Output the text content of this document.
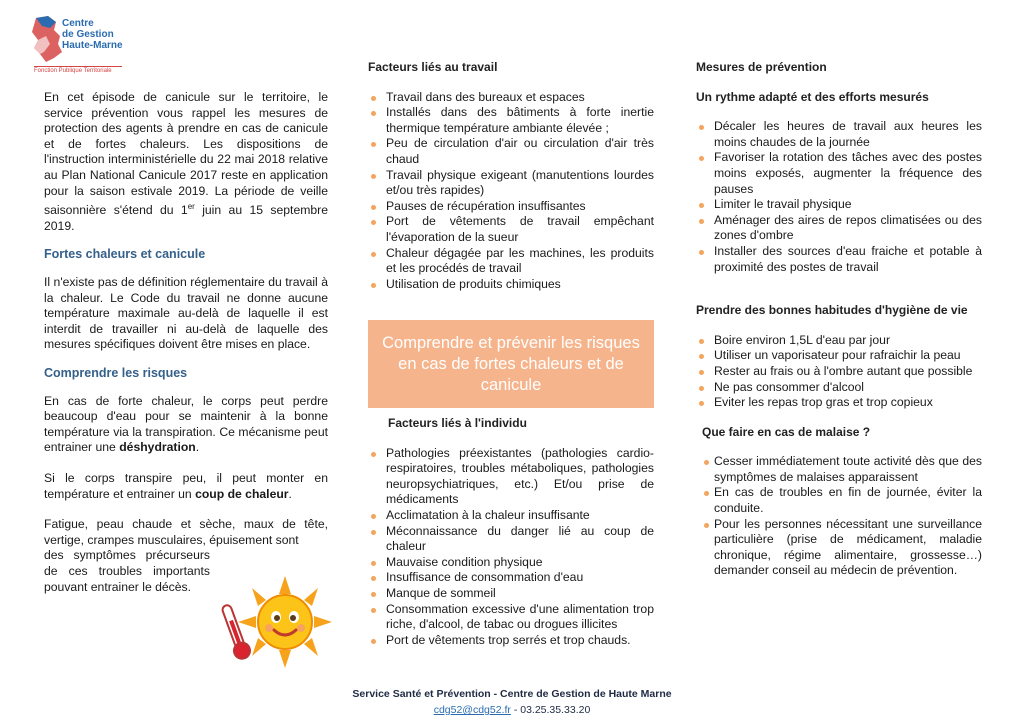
Centre
de Gestion
Haute-Marne
Fonction Publique Territoriale

En cet épisode de canicule sur le territoire, le service prévention vous rappel les mesures de protection des agents à prendre en cas de canicule et de fortes chaleurs. Les dispositions de l'instruction interministérielle du 22 mai 2018 relative au Plan National Canicule 2017 reste en application pour la saison estivale 2019. La période de veille saisonnière s'étend du 1er juin au 15 septembre 2019.

Fortes chaleurs et canicule

Il n'existe pas de définition réglementaire du travail à la chaleur. Le Code du travail ne donne aucune température maximale au-delà de laquelle il est interdit de travailler ni au-delà de laquelle des mesures spécifiques doivent être mises en place.

Comprendre les risques

En cas de forte chaleur, le corps peut perdre beaucoup d'eau pour se maintenir à la bonne température via la transpiration. Ce mécanisme peut entrainer une déshydration.

Si le corps transpire peu, il peut monter en température et entrainer un coup de chaleur.

Fatigue, peau chaude et sèche, maux de tête, vertige, crampes musculaires, épuisement sont

des symptômes précurseurs de ces troubles importants pouvant entrainer le décès.

Facteurs liés au travail
Travail dans des bureaux et espaces
Installés dans des bâtiments à forte inertie thermique température ambiante élevée ;
Peu de circulation d'air ou circulation d'air très chaud
Travail physique exigeant (manutentions lourdes et/ou très rapides)
Pauses de récupération insuffisantes
Port de vêtements de travail empêchant l'évaporation de la sueur
Chaleur dégagée par les machines, les produits et les procédés de travail
Utilisation de produits chimiques
Comprendre et prévenir les risques en cas de fortes chaleurs et de canicule
Facteurs liés à l'individu
Pathologies préexistantes (pathologies cardio-respiratoires, troubles métaboliques, pathologies neuropsychiatriques, etc.) Et/ou prise de médicaments
Acclimatation à la chaleur insuffisante
Méconnaissance du danger lié au coup de chaleur
Mauvaise condition physique
Insuffisance de consommation d'eau
Manque de sommeil
Consommation excessive d'une alimentation trop riche, d'alcool, de tabac ou drogues illicites
Port de vêtements trop serrés et trop chauds.
Mesures de prévention
Un rythme adapté et des efforts mesurés
Décaler les heures de travail aux heures les moins chaudes de la journée
Favoriser la rotation des tâches avec des postes moins exposés, augmenter la fréquence des pauses
Limiter le travail physique
Aménager des aires de repos climatisées ou des zones d'ombre
Installer des sources d'eau fraiche et potable à proximité des postes de travail
Prendre des bonnes habitudes d'hygiène de vie
Boire environ 1,5L d'eau par jour
Utiliser un vaporisateur pour rafraichir la peau
Rester au frais ou à l'ombre autant que possible
Ne pas consommer d'alcool
Eviter les repas trop gras et trop copieux
Que faire en cas de malaise ?
Cesser immédiatement toute activité dès que des symptômes de malaises apparaissent
En cas de troubles en fin de journée, éviter la conduite.
Pour les personnes nécessitant une surveillance particulière (prise de médicament, maladie chronique, régime alimentaire, grossesse…) demander conseil au médecin de prévention.
Service Santé et Prévention - Centre de Gestion de Haute Marne
cdg52@cdg52.fr - 03.25.35.33.20
